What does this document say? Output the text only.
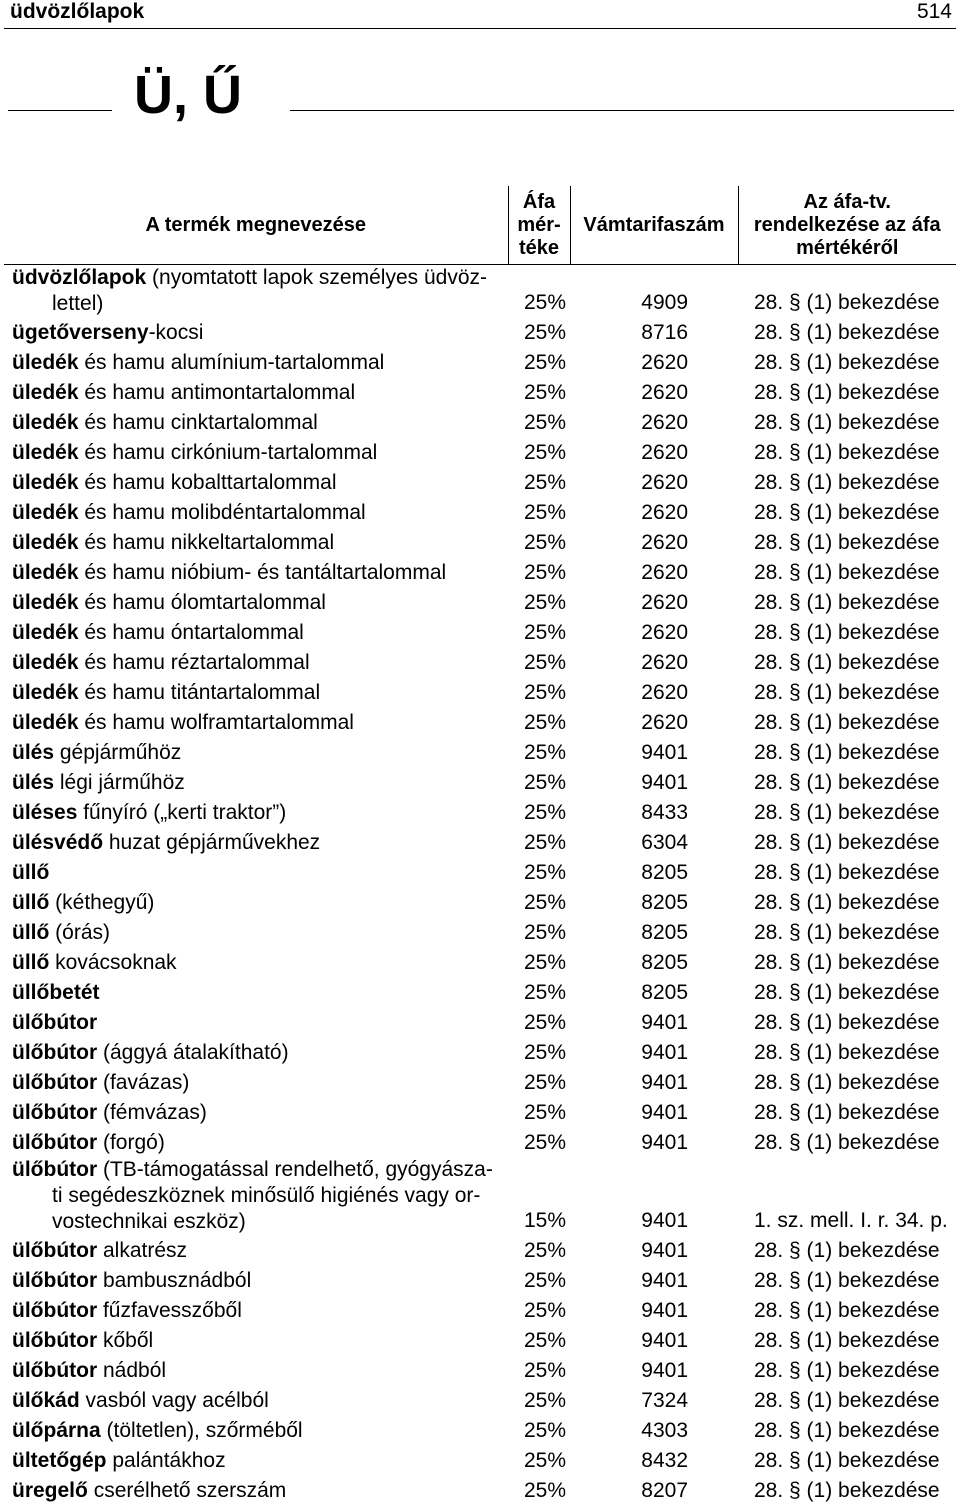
üdvözlőlapok	514
Ü, Ű
A termék megnevezése	Áfa
mér-
téke	Vámtarifaszám	Az áfa-tv. rendelkezése az áfa mértékéről

üdvözlőlapok (nyomtatott lapok személyes üdvöz-
lettel)	25%	4909	28. § (1) bekezdése
ügetőverseny-kocsi	25%	8716	28. § (1) bekezdése
üledék és hamu alumínium-tartalommal	25%	2620	28. § (1) bekezdése
üledék és hamu antimontartalommal	25%	2620	28. § (1) bekezdése
üledék és hamu cinktartalommal	25%	2620	28. § (1) bekezdése
üledék és hamu cirkónium-tartalommal	25%	2620	28. § (1) bekezdése
üledék és hamu kobalttartalommal	25%	2620	28. § (1) bekezdése
üledék és hamu molibdéntartalommal	25%	2620	28. § (1) bekezdése
üledék és hamu nikkeltartalommal	25%	2620	28. § (1) bekezdése
üledék és hamu nióbium- és tantáltartalommal	25%	2620	28. § (1) bekezdése
üledék és hamu ólomtartalommal	25%	2620	28. § (1) bekezdése
üledék és hamu óntartalommal	25%	2620	28. § (1) bekezdése
üledék és hamu réztartalommal	25%	2620	28. § (1) bekezdése
üledék és hamu titántartalommal	25%	2620	28. § (1) bekezdése
üledék és hamu wolframtartalommal	25%	2620	28. § (1) bekezdése
ülés gépjárműhöz	25%	9401	28. § (1) bekezdése
ülés légi járműhöz	25%	9401	28. § (1) bekezdése
üléses fűnyíró („kerti traktor”)	25%	8433	28. § (1) bekezdése
ülésvédő huzat gépjárművekhez	25%	6304	28. § (1) bekezdése
üllő	25%	8205	28. § (1) bekezdése
üllő (kéthegyű)	25%	8205	28. § (1) bekezdése
üllő (órás)	25%	8205	28. § (1) bekezdése
üllő kovácsoknak	25%	8205	28. § (1) bekezdése
üllőbetét	25%	8205	28. § (1) bekezdése
ülőbútor	25%	9401	28. § (1) bekezdése
ülőbútor (ággyá átalakítható)	25%	9401	28. § (1) bekezdése
ülőbútor (favázas)	25%	9401	28. § (1) bekezdése
ülőbútor (fémvázas)	25%	9401	28. § (1) bekezdése
ülőbútor (forgó)	25%	9401	28. § (1) bekezdése

ülőbútor (TB-támogatással rendelhető, gyógyásza-
ti segédeszköznek minősülő higiénés vagy or-
vostechnikai eszköz)	15%	9401	1. sz. mell. I. r. 34. p.
ülőbútor alkatrész	25%	9401	28. § (1) bekezdése
ülőbútor bambusznádból	25%	9401	28. § (1) bekezdése
ülőbútor fűzfavesszőből	25%	9401	28. § (1) bekezdése
ülőbútor kőből	25%	9401	28. § (1) bekezdése
ülőbútor nádból	25%	9401	28. § (1) bekezdése
ülőkád vasból vagy acélból	25%	7324	28. § (1) bekezdése
ülőpárna (töltetlen), szőrméből	25%	4303	28. § (1) bekezdése
ültetőgép palántákhoz	25%	8432	28. § (1) bekezdése
üregelő cserélhető szerszám	25%	8207	28. § (1) bekezdése
